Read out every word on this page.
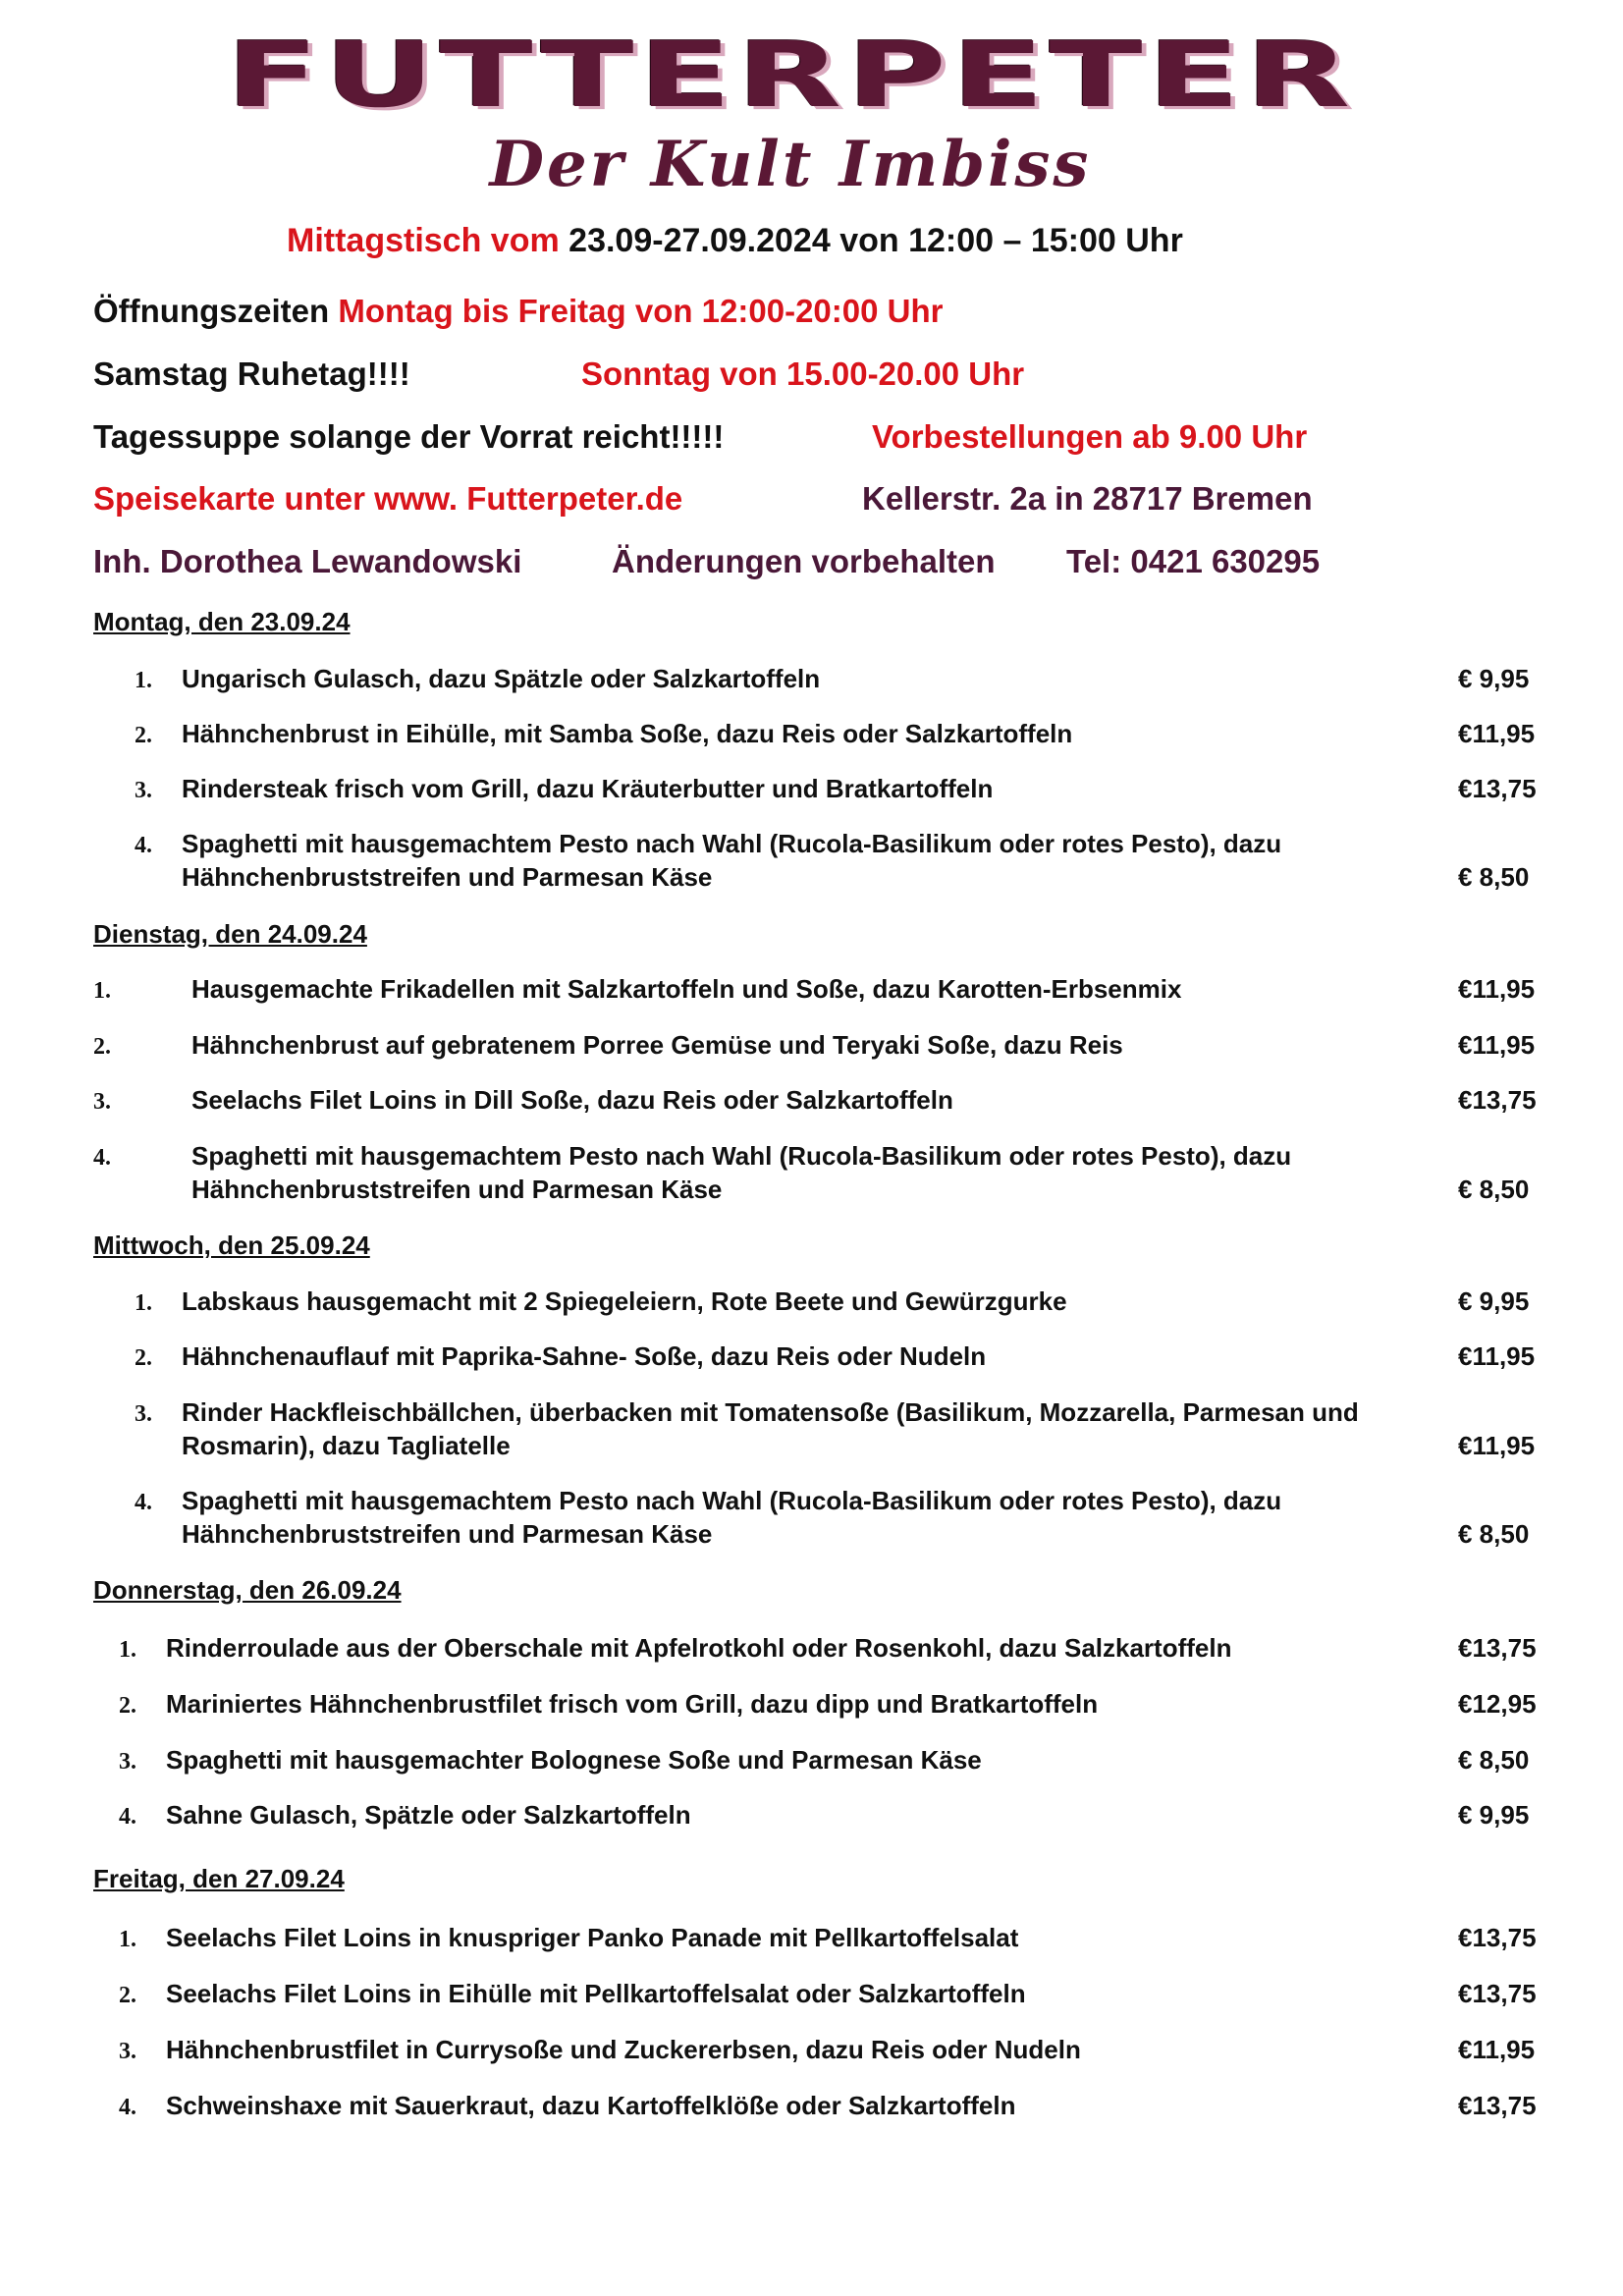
FUTTERPETER
Der Kult Imbiss
Mittagstisch vom 23.09-27.09.2024 von 12:00 – 15:00 Uhr
Öffnungszeiten Montag bis Freitag von 12:00-20:00 Uhr
Samstag Ruhetag!!!!	Sonntag von 15.00-20.00 Uhr
Tagessuppe solange der Vorrat reicht!!!!!	Vorbestellungen ab 9.00 Uhr
Speisekarte unter www. Futterpeter.de	Kellerstr. 2a in 28717 Bremen
Inh. Dorothea Lewandowski	Änderungen vorbehalten Tel: 0421 630295
Montag, den 23.09.24
1. Ungarisch Gulasch, dazu Spätzle oder Salzkartoffeln	€ 9,95
2. Hähnchenbrust in Eihülle, mit Samba Soße, dazu Reis oder Salzkartoffeln	€11,95
3. Rindersteak frisch vom Grill, dazu Kräuterbutter und Bratkartoffeln	€13,75
4. Spaghetti mit hausgemachtem Pesto nach Wahl (Rucola-Basilikum oder rotes Pesto), dazu
Hähnchenbruststreifen und Parmesan Käse	€ 8,50
Dienstag, den 24.09.24
1.	Hausgemachte Frikadellen mit Salzkartoffeln und Soße, dazu Karotten-Erbsenmix	€11,95
2.	Hähnchenbrust auf gebratenem Porree Gemüse und Teryaki Soße, dazu Reis	€11,95
3.	Seelachs Filet Loins in Dill Soße, dazu Reis oder Salzkartoffeln	€13,75
4.	Spaghetti mit hausgemachtem Pesto nach Wahl (Rucola-Basilikum oder rotes Pesto), dazu
Hähnchenbruststreifen und Parmesan Käse	€ 8,50
Mittwoch, den 25.09.24
1. Labskaus hausgemacht mit 2 Spiegeleiern, Rote Beete und Gewürzgurke	€ 9,95
2. Hähnchenauflauf mit Paprika-Sahne- Soße, dazu Reis oder Nudeln	€11,95
3. Rinder Hackfleischbällchen, überbacken mit Tomatensoße (Basilikum, Mozzarella, Parmesan und
Rosmarin), dazu Tagliatelle	€11,95
4. Spaghetti mit hausgemachtem Pesto nach Wahl (Rucola-Basilikum oder rotes Pesto), dazu
Hähnchenbruststreifen und Parmesan Käse	€ 8,50
Donnerstag, den 26.09.24
1. Rinderroulade aus der Oberschale mit Apfelrotkohl oder Rosenkohl, dazu Salzkartoffeln	€13,75
2. Mariniertes Hähnchenbrustfilet frisch vom Grill, dazu dipp und Bratkartoffeln	€12,95
3. Spaghetti mit hausgemachter Bolognese Soße und Parmesan Käse	€ 8,50
4. Sahne Gulasch, Spätzle oder Salzkartoffeln	€ 9,95
Freitag, den 27.09.24
1. Seelachs Filet Loins in knuspriger Panko Panade mit Pellkartoffelsalat	€13,75
2. Seelachs Filet Loins in Eihülle mit Pellkartoffelsalat oder Salzkartoffeln	€13,75
3. Hähnchenbrustfilet in Currysoße und Zuckererbsen, dazu Reis oder Nudeln	€11,95
4. Schweinshaxe mit Sauerkraut, dazu Kartoffelklöße oder Salzkartoffeln	€13,75
